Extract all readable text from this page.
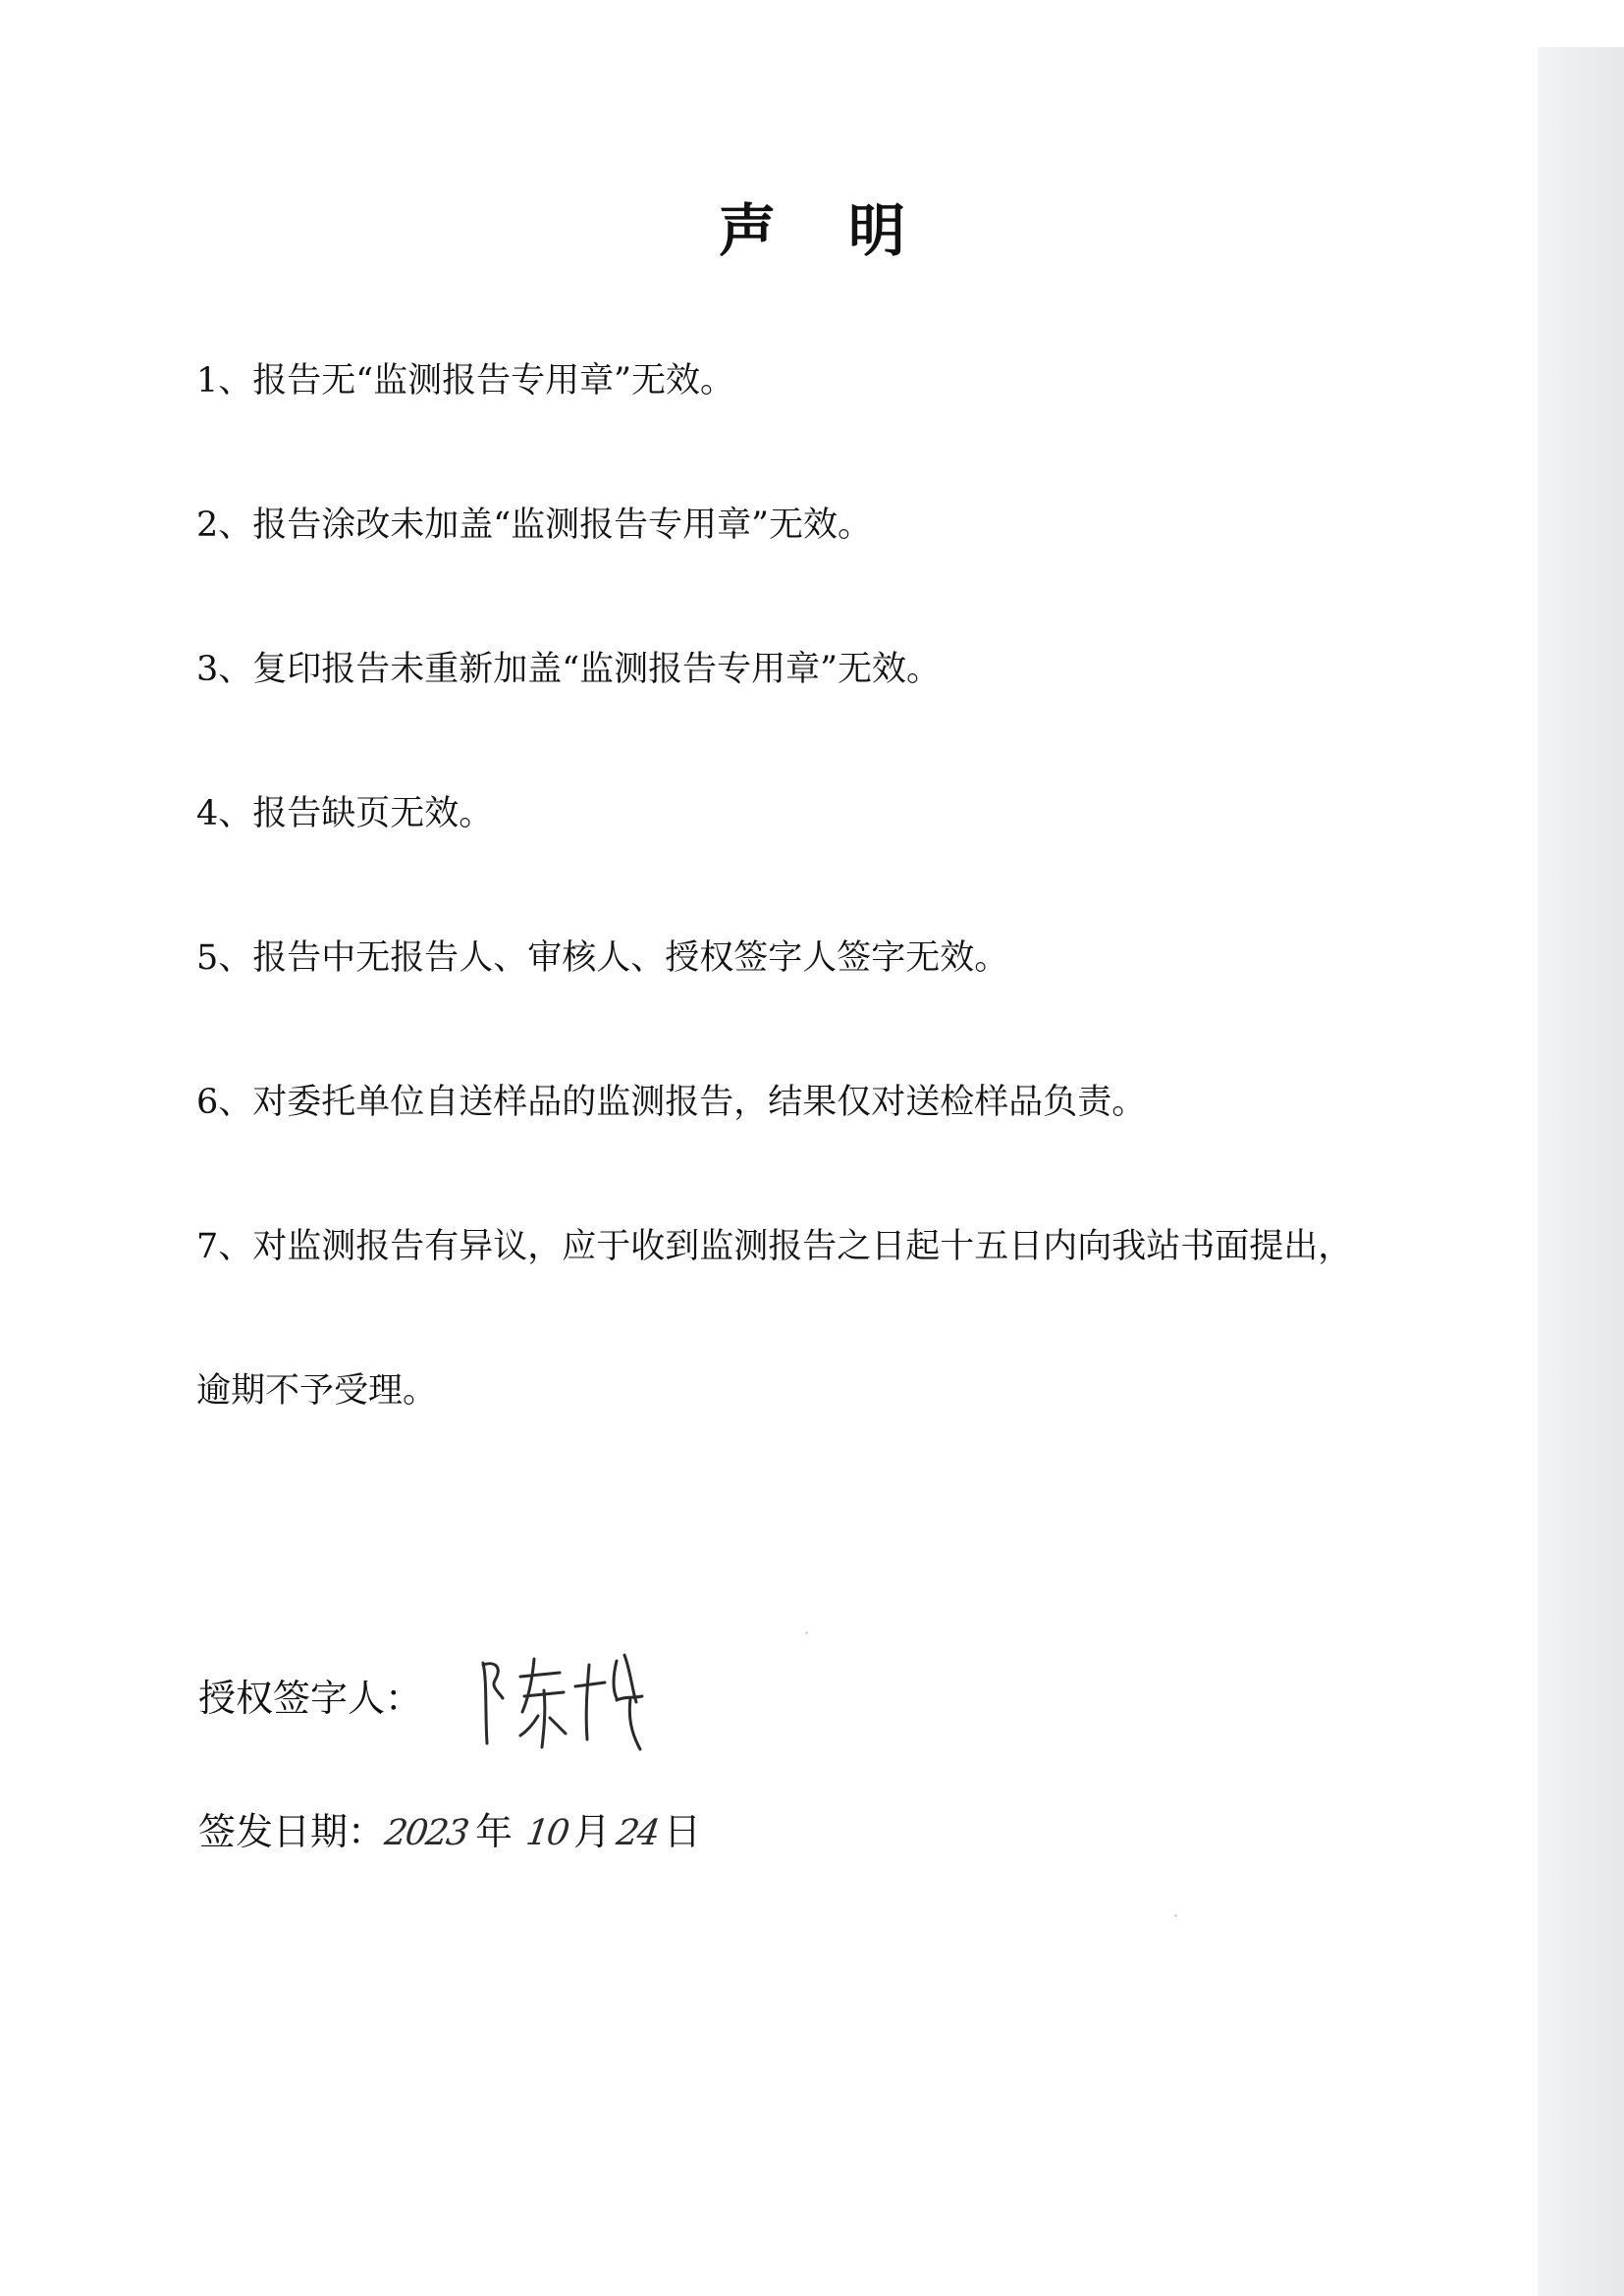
声 明
1、报告无“监测报告专用章”无效。
2、报告涂改未加盖“监测报告专用章”无效。
3、复印报告未重新加盖“监测报告专用章”无效。
4、报告缺页无效。
5、报告中无报告人、审核人、授权签字人签字无效。
6、对委托单位自送样品的监测报告，结果仅对送检样品负责。
7、对监测报告有异议，应于收到监测报告之日起十五日内向我站书面提出，
逾期不予受理。
授权签字人：
签发日期：2023 年 10月24日
